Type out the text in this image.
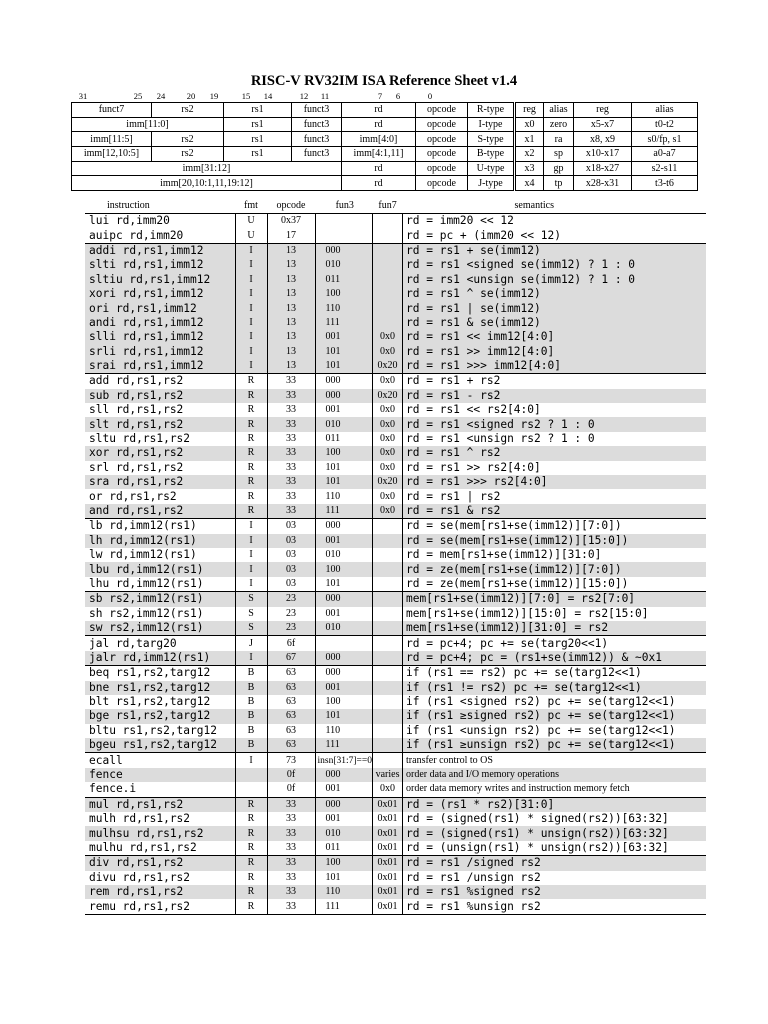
RISC-V RV32IM ISA Reference Sheet v1.4
31	25 24	20 19	15 14	12 11	7 6	0
funct7	rs2	rs1	funct3	rd	opcode	R-type
imm[11:0]		rs1	funct3	rd	opcode	I-type
imm[11:5]	rs2	rs1	funct3	imm[4:0]	opcode	S-type
imm[12,10:5]	rs2	rs1	funct3	imm[4:1,11]	opcode	B-type
imm[31:12]				rd	opcode	U-type
imm[20,10:1,11,19:12]				rd	opcode	J-type
reg	alias	reg	alias
x0	zero	x5-x7	t0-t2
x1	ra	x8, x9	s0/fp, s1
x2	sp	x10-x17	a0-a7
x3	gp	x18-x27	s2-s11
x4	tp	x28-x31	t3-t6
instruction	fmt	opcode	fun3	fun7	semantics
lui rd,imm20	U	0x37			rd = imm20 << 12
auipc rd,imm20	U	17			rd = pc + (imm20 << 12)
addi rd,rs1,imm12	I	13	000		rd = rs1 + se(imm12)
slti rd,rs1,imm12	I	13	010		rd = rs1 <signed se(imm12) ? 1 : 0
sltiu rd,rs1,imm12	I	13	011		rd = rs1 <unsign se(imm12) ? 1 : 0
xori rd,rs1,imm12	I	13	100		rd = rs1 ^ se(imm12)
ori rd,rs1,imm12	I	13	110		rd = rs1 | se(imm12)
andi rd,rs1,imm12	I	13	111		rd = rs1 & se(imm12)
slli rd,rs1,imm12	I	13	001	0x0	rd = rs1 << imm12[4:0]
srli rd,rs1,imm12	I	13	101	0x0	rd = rs1 >> imm12[4:0]
srai rd,rs1,imm12	I	13	101	0x20	rd = rs1 >>> imm12[4:0]
add rd,rs1,rs2	R	33	000	0x0	rd = rs1 + rs2
sub rd,rs1,rs2	R	33	000	0x20	rd = rs1 - rs2
sll rd,rs1,rs2	R	33	001	0x0	rd = rs1 << rs2[4:0]
slt rd,rs1,rs2	R	33	010	0x0	rd = rs1 <signed rs2 ? 1 : 0
sltu rd,rs1,rs2	R	33	011	0x0	rd = rs1 <unsign rs2 ? 1 : 0
xor rd,rs1,rs2	R	33	100	0x0	rd = rs1 ^ rs2
srl rd,rs1,rs2	R	33	101	0x0	rd = rs1 >> rs2[4:0]
sra rd,rs1,rs2	R	33	101	0x20	rd = rs1 >>> rs2[4:0]
or rd,rs1,rs2	R	33	110	0x0	rd = rs1 | rs2
and rd,rs1,rs2	R	33	111	0x0	rd = rs1 & rs2
lb rd,imm12(rs1)	I	03	000		rd = se(mem[rs1+se(imm12)][7:0])
lh rd,imm12(rs1)	I	03	001		rd = se(mem[rs1+se(imm12)][15:0])
lw rd,imm12(rs1)	I	03	010		rd = mem[rs1+se(imm12)][31:0]
lbu rd,imm12(rs1)	I	03	100		rd = ze(mem[rs1+se(imm12)][7:0])
lhu rd,imm12(rs1)	I	03	101		rd = ze(mem[rs1+se(imm12)][15:0])
sb rs2,imm12(rs1)	S	23	000		mem[rs1+se(imm12)][7:0] = rs2[7:0]
sh rs2,imm12(rs1)	S	23	001		mem[rs1+se(imm12)][15:0] = rs2[15:0]
sw rs2,imm12(rs1)	S	23	010		mem[rs1+se(imm12)][31:0] = rs2
jal rd,targ20	J	6f			rd = pc+4; pc += se(targ20<<1)
jalr rd,imm12(rs1)	I	67	000		rd = pc+4; pc = (rs1+se(imm12)) & ~0x1
beq rs1,rs2,targ12	B	63	000		if (rs1 == rs2) pc += se(targ12<<1)
bne rs1,rs2,targ12	B	63	001		if (rs1 != rs2) pc += se(targ12<<1)
blt rs1,rs2,targ12	B	63	100		if (rs1 <signed rs2) pc += se(targ12<<1)
bge rs1,rs2,targ12	B	63	101		if (rs1 ≥signed rs2) pc += se(targ12<<1)
bltu rs1,rs2,targ12	B	63	110		if (rs1 <unsign rs2) pc += se(targ12<<1)
bgeu rs1,rs2,targ12	B	63	111		if (rs1 ≥unsign rs2) pc += se(targ12<<1)
ecall	I	73	insn[31:7]==0		transfer control to OS
fence		0f	000	varies	order data and I/O memory operations
fence.i		0f	001	0x0	order data memory writes and instruction memory fetch
mul rd,rs1,rs2	R	33	000	0x01	rd = (rs1 * rs2)[31:0]
mulh rd,rs1,rs2	R	33	001	0x01	rd = (signed(rs1) * signed(rs2))[63:32]
mulhsu rd,rs1,rs2	R	33	010	0x01	rd = (signed(rs1) * unsign(rs2))[63:32]
mulhu rd,rs1,rs2	R	33	011	0x01	rd = (unsign(rs1) * unsign(rs2))[63:32]
div rd,rs1,rs2	R	33	100	0x01	rd = rs1 /signed rs2
divu rd,rs1,rs2	R	33	101	0x01	rd = rs1 /unsign rs2
rem rd,rs1,rs2	R	33	110	0x01	rd = rs1 %signed rs2
remu rd,rs1,rs2	R	33	111	0x01	rd = rs1 %unsign rs2
